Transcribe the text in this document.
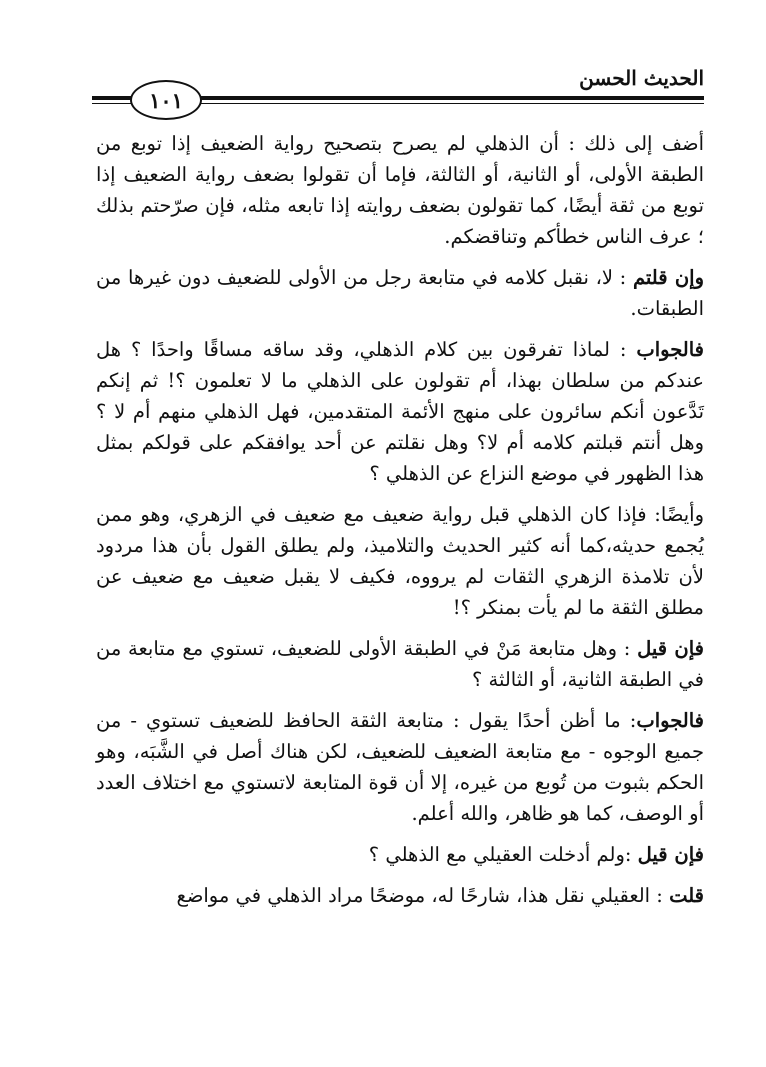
الحديث الحسن
١٠١

أضف إلى ذلك : أن الذهلي لم يصرح بتصحيح رواية الضعيف إذا توبع من الطبقة الأولى، أو الثانية، أو الثالثة، فإما أن تقولوا بضعف رواية الضعيف إذا توبع من ثقة أيضًا، كما تقولون بضعف روايته إذا تابعه مثله، فإن صرّحتم بذلك ؛ عرف الناس خطأكم وتناقضكم.

وإن قلتم : لا، نقبل كلامه في متابعة رجل من الأولى للضعيف دون غيرها من الطبقات.

فالجواب : لماذا تفرقون بين كلام الذهلي، وقد ساقه مساقًا واحدًا ؟ هل عندكم من سلطان بهذا، أم تقولون على الذهلي ما لا تعلمون ؟! ثم إنكم تَدَّعون أنكم سائرون على منهج الأئمة المتقدمين، فهل الذهلي منهم أم لا ؟ وهل أنتم قبلتم كلامه أم لا؟ وهل نقلتم عن أحد يوافقكم على قولكم بمثل هذا الظهور في موضع النزاع عن الذهلي ؟

وأيضًا: فإذا كان الذهلي قبل رواية ضعيف مع ضعيف في الزهري، وهو ممن يُجمع حديثه،كما أنه كثير الحديث والتلاميذ، ولم يطلق القول بأن هذا مردود لأن تلامذة الزهري الثقات لم يرووه، فكيف لا يقبل ضعيف مع ضعيف عن مطلق الثقة ما لم يأت بمنكر ؟!

فإن قيل : وهل متابعة مَنْ في الطبقة الأولى للضعيف، تستوي مع متابعة من في الطبقة الثانية، أو الثالثة ؟

فالجواب: ما أظن أحدًا يقول : متابعة الثقة الحافظ للضعيف تستوي - من جميع الوجوه - مع متابعة الضعيف للضعيف، لكن هناك أصل في الشَّبَه، وهو الحكم بثبوت من تُوبع من غيره، إلا أن قوة المتابعة لاتستوي مع اختلاف العدد أو الوصف، كما هو ظاهر، والله أعلم.

فإن قيل :ولم أدخلت العقيلي مع الذهلي ؟

قلت : العقيلي نقل هذا، شارحًا له، موضحًا مراد الذهلي في مواضع
